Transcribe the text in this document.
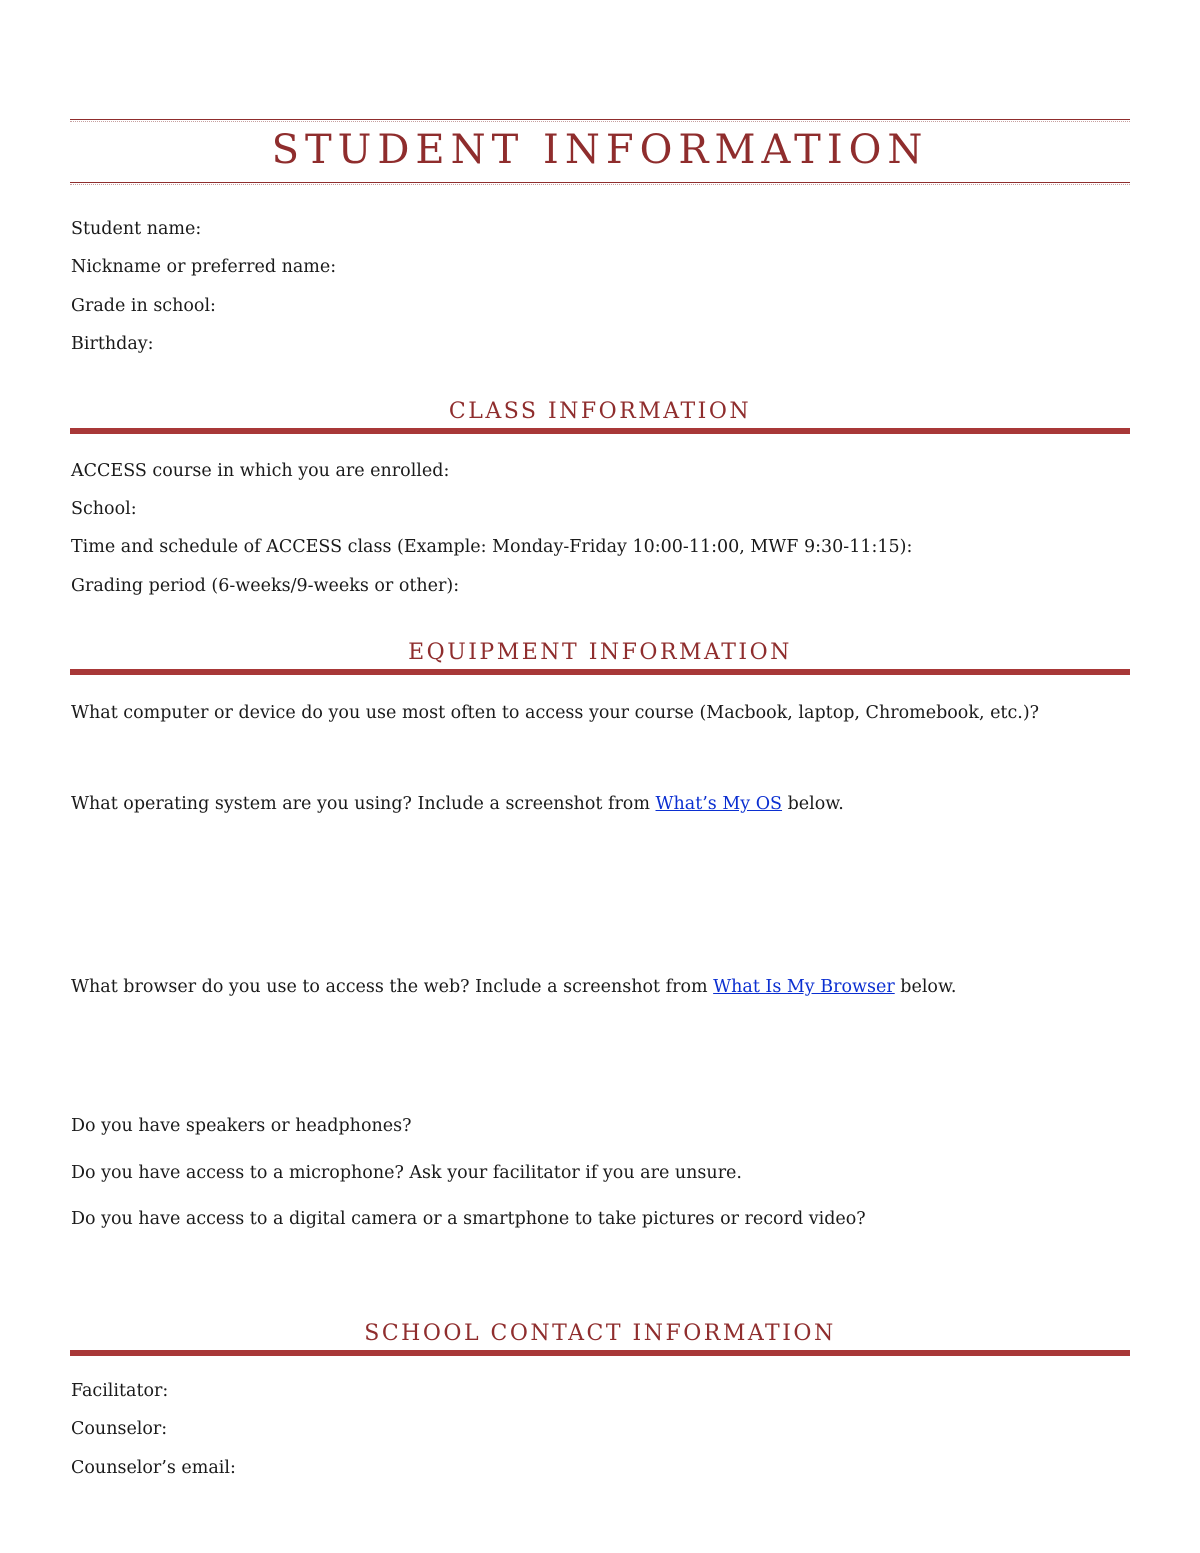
STUDENT INFORMATION
Student name:
Nickname or preferred name:
Grade in school:
Birthday:
CLASS INFORMATION
ACCESS course in which you are enrolled:
School:
Time and schedule of ACCESS class (Example: Monday-Friday 10:00-11:00, MWF 9:30-11:15):
Grading period (6-weeks/9-weeks or other):
EQUIPMENT INFORMATION
What computer or device do you use most often to access your course (Macbook, laptop, Chromebook, etc.)?
What operating system are you using? Include a screenshot from What’s My OS below.
What browser do you use to access the web? Include a screenshot from What Is My Browser below.
Do you have speakers or headphones?
Do you have access to a microphone? Ask your facilitator if you are unsure.
Do you have access to a digital camera or a smartphone to take pictures or record video?
SCHOOL CONTACT INFORMATION
Facilitator:
Counselor:
Counselor’s email:
